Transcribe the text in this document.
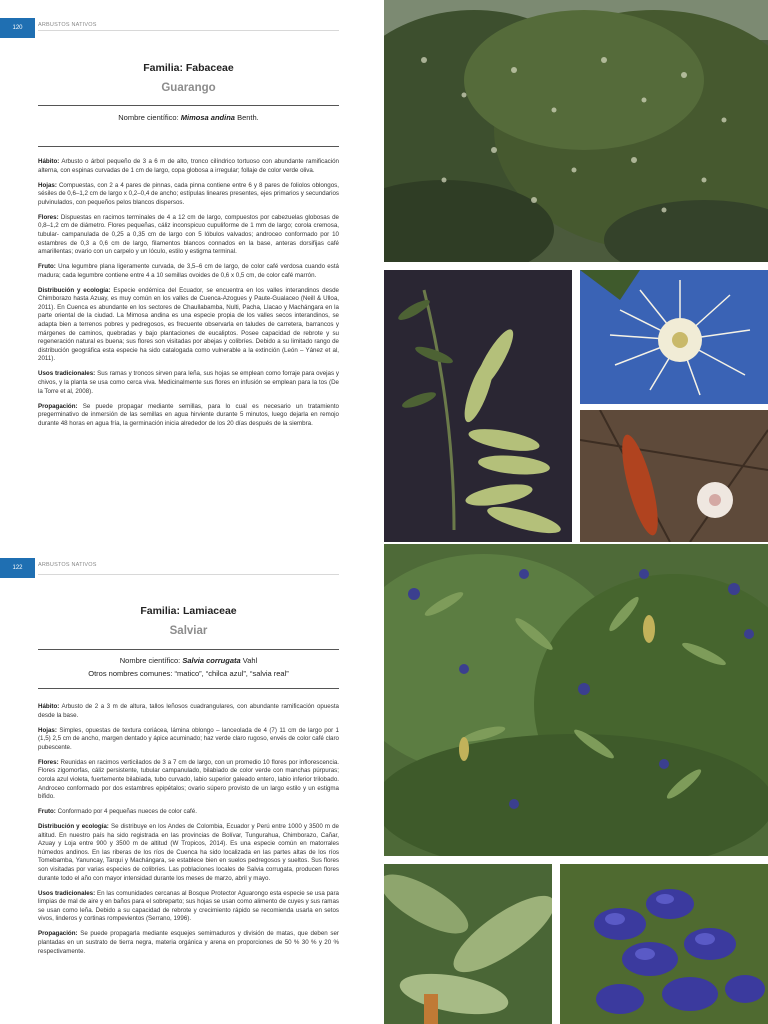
120	ARBUSTOS NATIVOS
Familia: Fabaceae
Guarango
Nombre científico: Mimosa andina Benth.

Hábito: Arbusto o árbol pequeño de 3 a 6 m de alto, tronco cilíndrico tortuoso con abundante ramificación alterna, con espinas curvadas de 1 cm de largo, copa globosa a irregular; follaje de color verde oliva.

Hojas: Compuestas, con 2 a 4 pares de pinnas, cada pinna contiene entre 6 y 8 pares de foliolos oblongos, sésiles de 0,6–1,2 cm de largo x 0,2–0,4 de ancho; estípulas lineares presentes, ejes primarios y secundarios pulvinulados, con pequeños pelos blancos dispersos.

Flores: Dispuestas en racimos terminales de 4 a 12 cm de largo, compuestos por cabezuelas globosas de 0,8–1,2 cm de diámetro. Flores pequeñas, cáliz inconspicuo cupuliforme de 1 mm de largo; corola cremosa, tubular- campanulada de 0,25 a 0,35 cm de largo con 5 lóbulos valvados; androceo conformado por 10 estambres de 0,3 a 0,6 cm de largo, filamentos blancos connados en la base, anteras dorsifijas café amarillentas; ovario con un carpelo y un lóculo, estilo y estigma terminal.

Fruto: Una legumbre plana ligeramente curvada, de 3,5–6 cm de largo, de color café verdosa cuando está madura; cada legumbre contiene entre 4 a 10 semillas ovoides de 0,6 x 0,5 cm, de color café marrón.

Distribución y ecología: Especie endémica del Ecuador, se encuentra en los valles interandinos desde Chimborazo hasta Azuay, es muy común en los valles de Cuenca-Azogues y Paute-Gualaceo (Neill & Ulloa, 2011). En Cuenca es abundante en los sectores de Chaullabamba, Nulti, Pacha, Llacao y Machángara en la parte oriental de la ciudad. La Mimosa andina es una especie propia de los valles secos interandinos, se adapta bien a terrenos pobres y pedregosos, es frecuente observarla en taludes de carretera, barrancos y márgenes de caminos, quebradas y bajo plantaciones de eucaliptos. Posee capacidad de rebrote y su regeneración natural es buena; sus flores son visitadas por abejas y colibríes. Debido a su limitado rango de distribución geográfica esta especie ha sido catalogada como vulnerable a la extinción (León – Yánez et al, 2011).

Usos tradicionales: Sus ramas y troncos sirven para leña, sus hojas se emplean como forraje para ovejas y chivos, y la planta se usa como cerca viva. Medicinalmente sus flores en infusión se emplean para la tos (De la Torre et al, 2008).

Propagación: Se puede propagar mediante semillas, para lo cual es necesario un tratamiento pregerminativo de inmersión de las semillas en agua hirviente durante 5 minutos, luego dejarla en remojo durante 48 horas en agua fría, la germinación inicia alrededor de los 20 días después de la siembra.

122	ARBUSTOS NATIVOS
Familia: Lamiaceae
Salviar
Nombre científico: Salvia corrugata Vahl
Otros nombres comunes: “matico”, “chilca azul”, “salvia real”

Hábito: Arbusto de 2 a 3 m de altura, tallos leñosos cuadrangulares, con abundante ramificación opuesta desde la base.

Hojas: Simples, opuestas de textura coriácea, lámina oblongo – lanceolada de 4 (7) 11 cm de largo por 1 (1,5) 2,5 cm de ancho, margen dentado y ápice acuminado; haz verde claro rugoso, envés de color café claro pubescente.

Flores: Reunidas en racimos verticilados de 3 a 7 cm de largo, con un promedio 10 flores por inflorescencia. Flores zigomorfas, cáliz persistente, tubular campanulado, bilabiado de color verde con manchas púrpuras; corola azul violeta, fuertemente bilabiada, tubo curvado, labio superior galeado entero, labio inferior trilobado. Androceo conformado por dos estambres epipétalos; ovario súpero provisto de un largo estilo y un estigma bífido.

Fruto: Conformado por 4 pequeñas nueces de color café.

Distribución y ecología: Se distribuye en los Andes de Colombia, Ecuador y Perú entre 1000 y 3500 m de altitud. En nuestro país ha sido registrada en las provincias de Bolívar, Tungurahua, Chimborazo, Cañar, Azuay y Loja entre 900 y 3500 m de altitud (W Tropicos, 2014). Es una especie común en matorrales húmedos andinos. En las riberas de los ríos de Cuenca ha sido localizada en las partes altas de los ríos Tomebamba, Yanuncay, Tarqui y Machángara, se establece bien en suelos pedregosos y sueltos. Sus flores son visitadas por varias especies de colibríes. Las poblaciones locales de Salvia corrugata, producen flores durante todo el año con mayor intensidad durante los meses de marzo, abril y mayo.

Usos tradicionales: En las comunidades cercanas al Bosque Protector Aguarongo esta especie se usa para limpias de mal de aire y en baños para el sobreparto; sus hojas se usan como alimento de cuyes y sus ramas se usan como leña. Debido a su capacidad de rebrote y crecimiento rápido se recomienda usarla en setos vivos, linderos y cortinas rompevientos (Serrano, 1996).

Propagación: Se puede propagarla mediante esquejes semimaduros y división de matas, que deben ser plantadas en un sustrato de tierra negra, materia orgánica y arena en proporciones de 50 % 30 % y 20 % respectivamente.
